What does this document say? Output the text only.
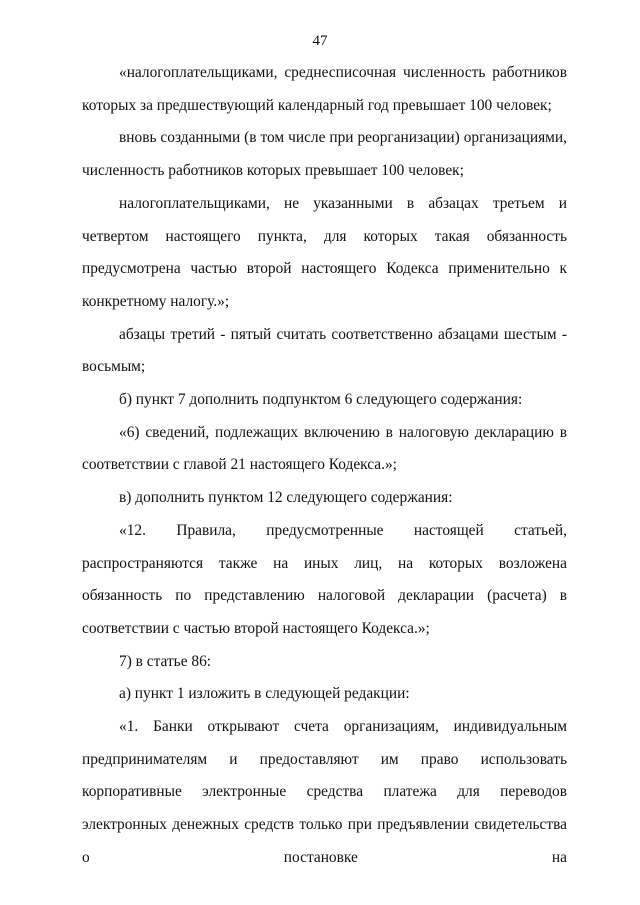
47

«налогоплательщиками, среднесписочная численность работников которых за предшествующий календарный год превышает 100 человек;

вновь созданными (в том числе при реорганизации) организациями, численность работников которых превышает 100 человек;

налогоплательщиками, не указанными в абзацах третьем и четвертом настоящего пункта, для которых такая обязанность предусмотрена частью второй настоящего Кодекса применительно к конкретному налогу.»;

абзацы третий - пятый считать соответственно абзацами шестым - восьмым;

б) пункт 7 дополнить подпунктом 6 следующего содержания:

«6) сведений, подлежащих включению в налоговую декларацию в соответствии с главой 21 настоящего Кодекса.»;

в) дополнить пунктом 12 следующего содержания:

«12. Правила, предусмотренные настоящей статьей, распространяются также на иных лиц, на которых возложена обязанность по представлению налоговой декларации (расчета) в соответствии с частью второй настоящего Кодекса.»;

7) в статье 86:

а) пункт 1 изложить в следующей редакции:

«1. Банки открывают счета организациям, индивидуальным предпринимателям и предоставляют им право использовать корпоративные электронные средства платежа для переводов электронных денежных средств только при предъявлении свидетельства о постановке на
